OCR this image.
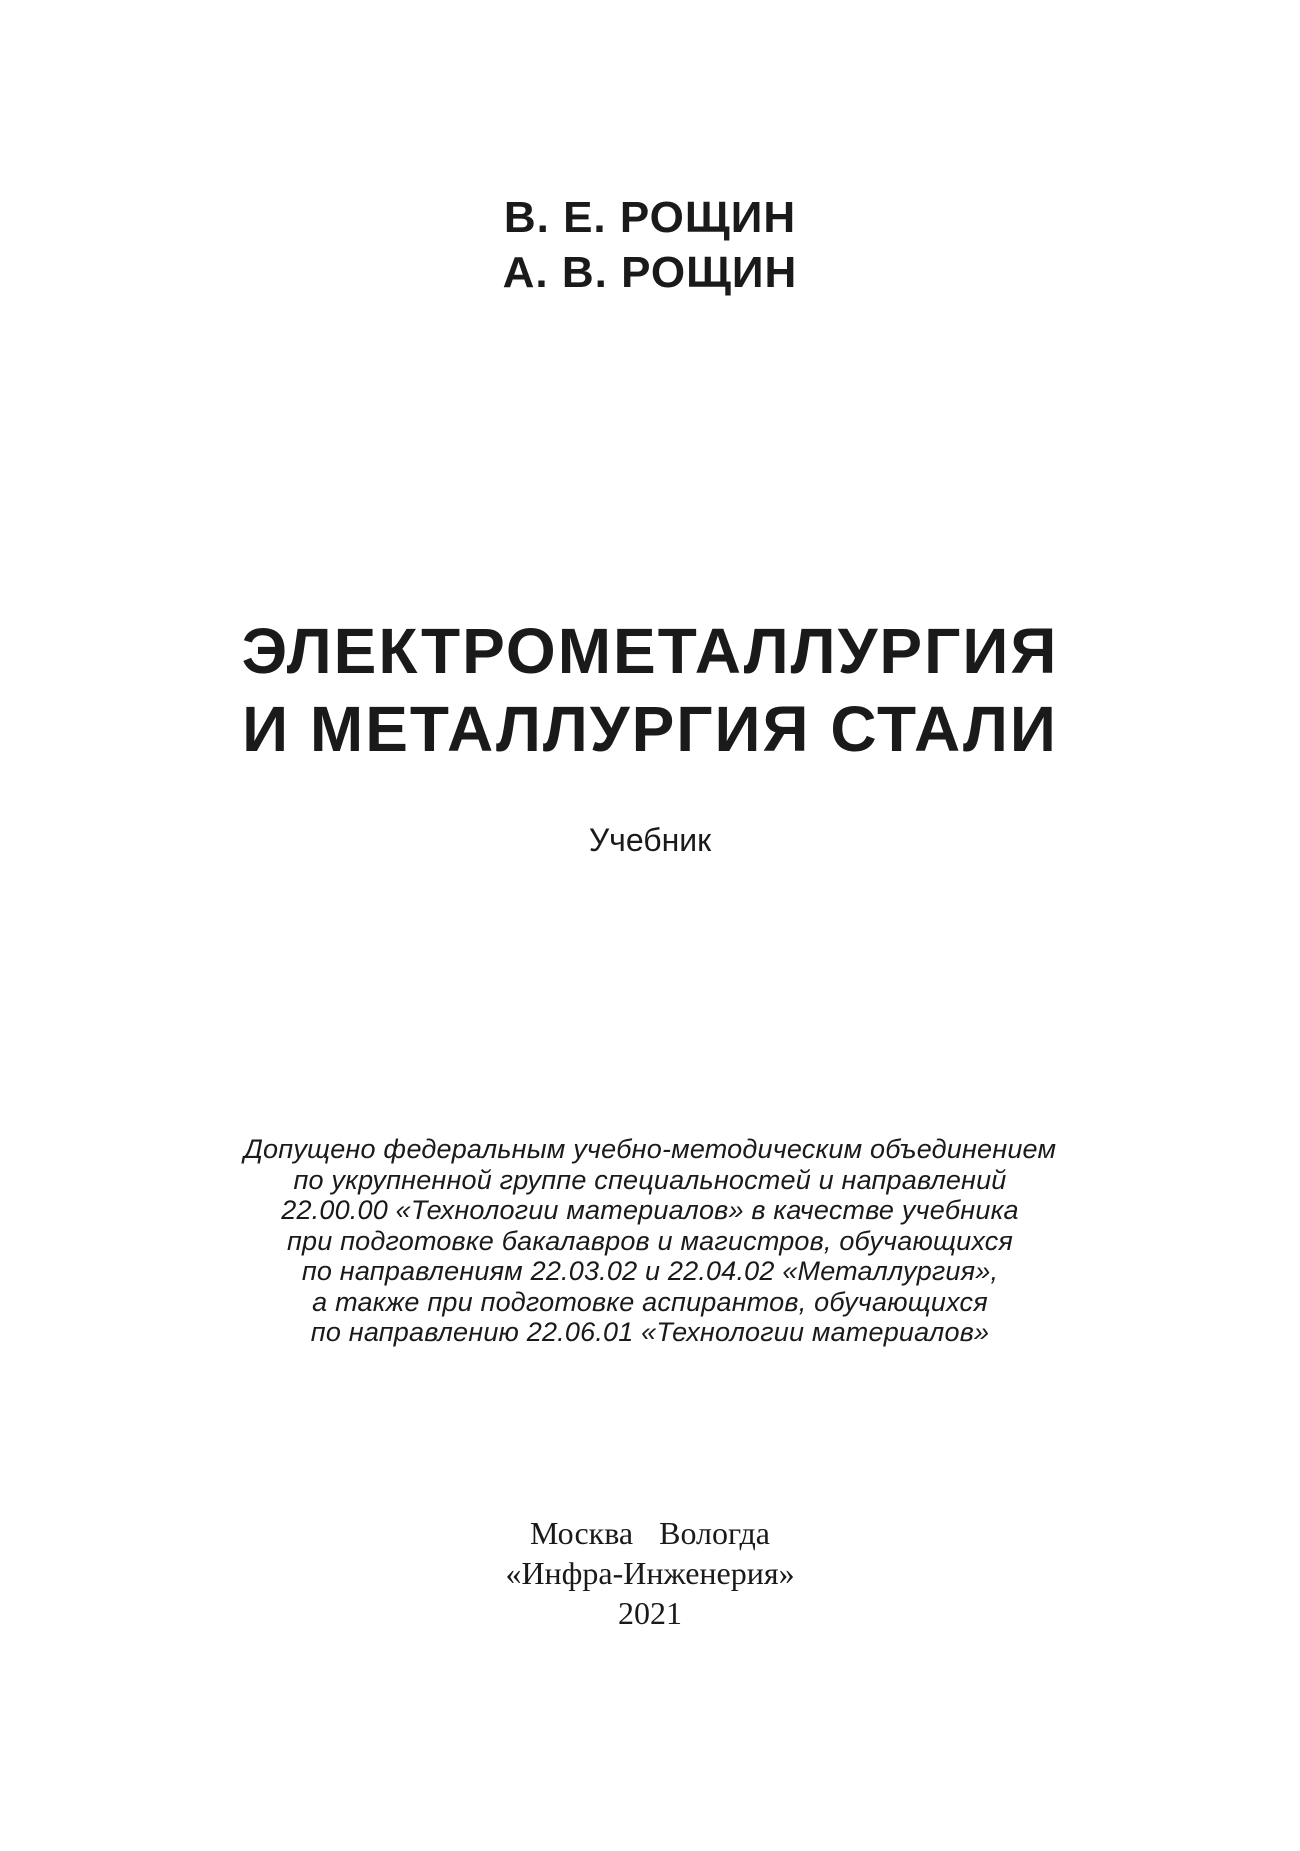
В. Е. РОЩИН
А. В. РОЩИН
ЭЛЕКТРОМЕТАЛЛУРГИЯ
И МЕТАЛЛУРГИЯ СТАЛИ
Учебник
Допущено федеральным учебно-методическим объединением
по укрупненной группе специальностей и направлений
22.00.00 «Технологии материалов» в качестве учебника
при подготовке бакалавров и магистров, обучающихся
по направлениям 22.03.02 и 22.04.02 «Металлургия»,
а также при подготовке аспирантов, обучающихся
по направлению 22.06.01 «Технологии материалов»
Москва Вологда
«Инфра-Инженерия»
2021
